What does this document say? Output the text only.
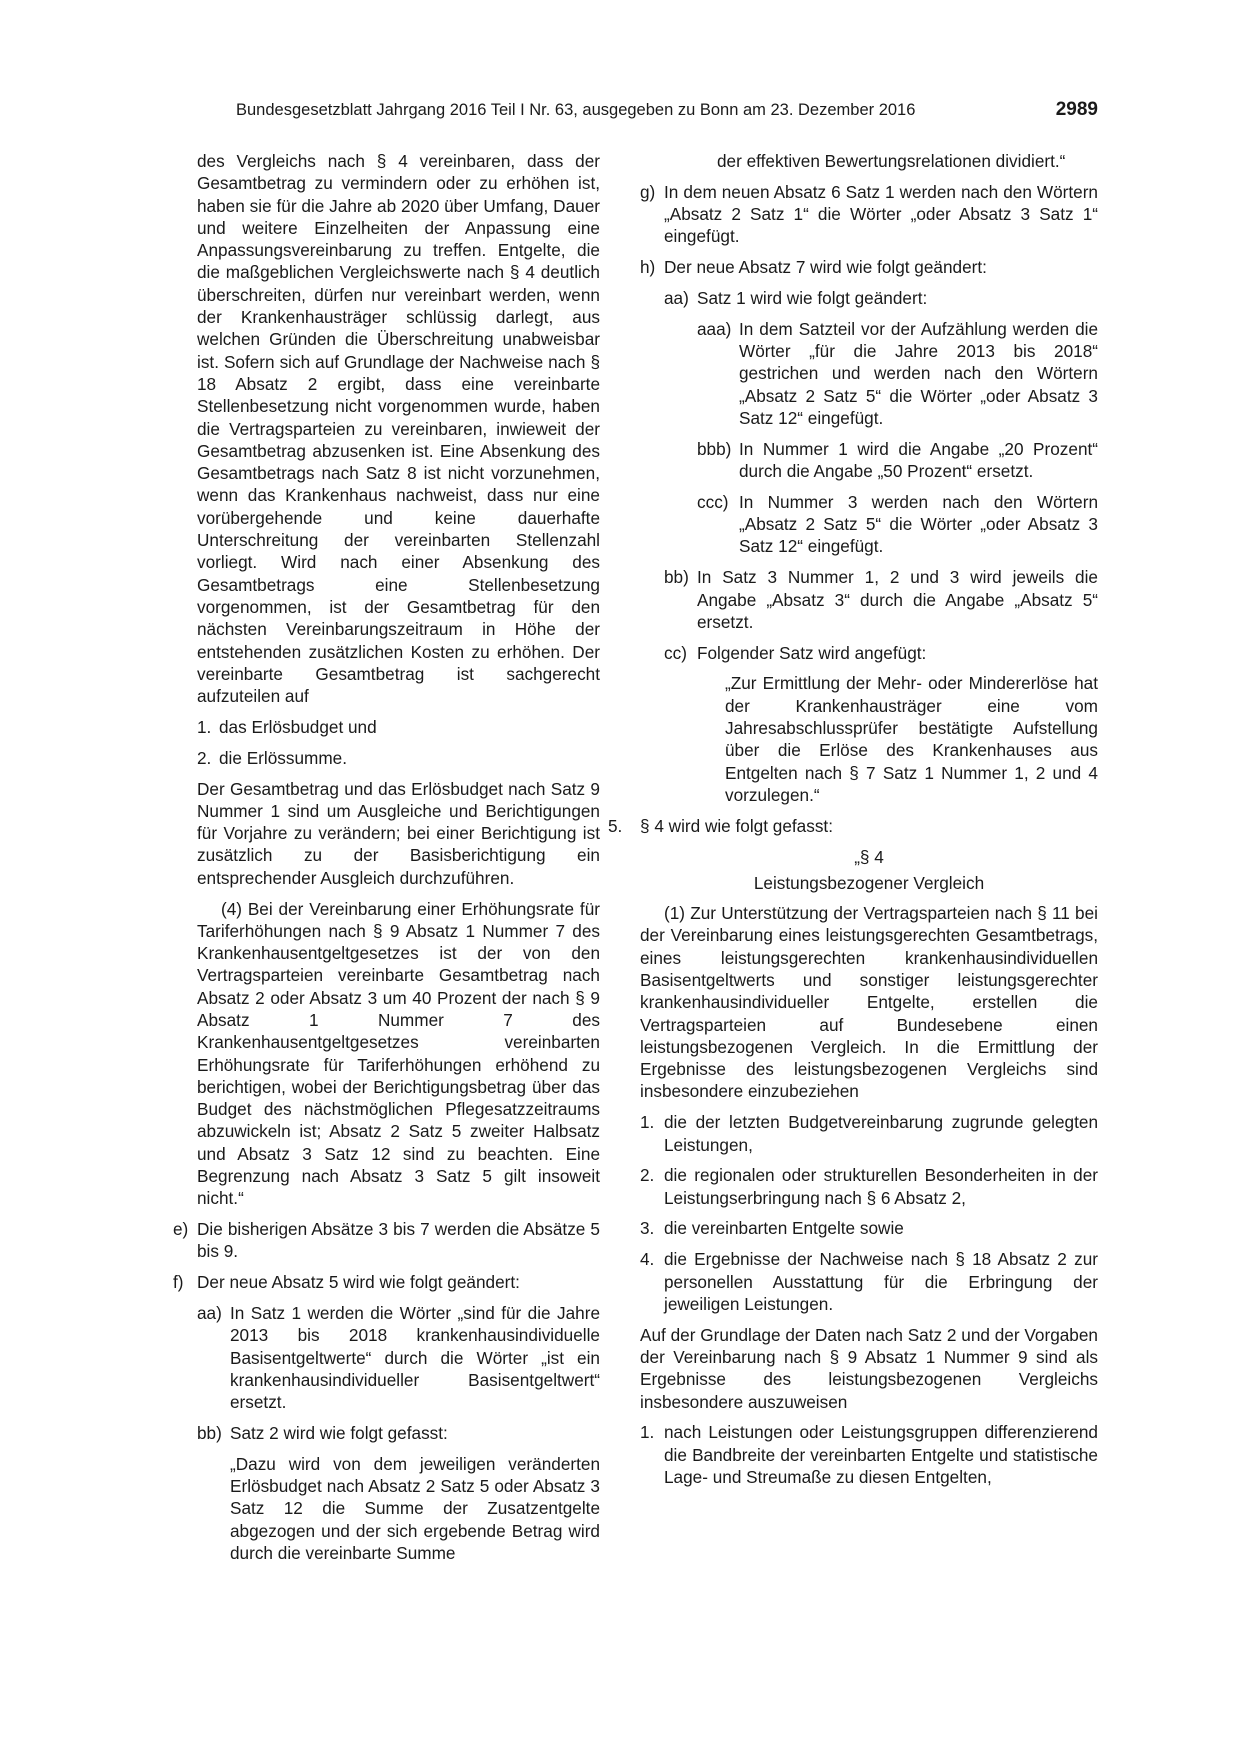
Bundesgesetzblatt Jahrgang 2016 Teil I Nr. 63, ausgegeben zu Bonn am 23. Dezember 2016	2989

des Vergleichs nach § 4 vereinbaren, dass der Gesamtbetrag zu vermindern oder zu erhöhen ist, haben sie für die Jahre ab 2020 über Umfang, Dauer und weitere Einzelheiten der Anpassung eine Anpassungsvereinbarung zu treffen. Entgelte, die die maßgeblichen Vergleichswerte nach § 4 deutlich überschreiten, dürfen nur vereinbart werden, wenn der Krankenhausträger schlüssig darlegt, aus welchen Gründen die Überschreitung unabweisbar ist. Sofern sich auf Grundlage der Nachweise nach § 18 Absatz 2 ergibt, dass eine vereinbarte Stellenbesetzung nicht vorgenommen wurde, haben die Vertragsparteien zu vereinbaren, inwieweit der Gesamtbetrag abzusenken ist. Eine Absenkung des Gesamtbetrags nach Satz 8 ist nicht vorzunehmen, wenn das Krankenhaus nachweist, dass nur eine vorübergehende und keine dauerhafte Unterschreitung der vereinbarten Stellenzahl vorliegt. Wird nach einer Absenkung des Gesamtbetrags eine Stellenbesetzung vorgenommen, ist der Gesamtbetrag für den nächsten Vereinbarungszeitraum in Höhe der entstehenden zusätzlichen Kosten zu erhöhen. Der vereinbarte Gesamtbetrag ist sachgerecht aufzuteilen auf

1. das Erlösbudget und
2. die Erlössumme.

Der Gesamtbetrag und das Erlösbudget nach Satz 9 Nummer 1 sind um Ausgleiche und Berichtigungen für Vorjahre zu verändern; bei einer Berichtigung ist zusätzlich zu der Basisberichtigung ein entsprechender Ausgleich durchzuführen.

(4) Bei der Vereinbarung einer Erhöhungsrate für Tariferhöhungen nach § 9 Absatz 1 Nummer 7 des Krankenhausentgeltgesetzes ist der von den Vertragsparteien vereinbarte Gesamtbetrag nach Absatz 2 oder Absatz 3 um 40 Prozent der nach § 9 Absatz 1 Nummer 7 des Krankenhausentgeltgesetzes vereinbarten Erhöhungsrate für Tariferhöhungen erhöhend zu berichtigen, wobei der Berichtigungsbetrag über das Budget des nächstmöglichen Pflegesatzzeitraums abzuwickeln ist; Absatz 2 Satz 5 zweiter Halbsatz und Absatz 3 Satz 12 sind zu beachten. Eine Begrenzung nach Absatz 3 Satz 5 gilt insoweit nicht.“

e) Die bisherigen Absätze 3 bis 7 werden die Absätze 5 bis 9.
f) Der neue Absatz 5 wird wie folgt geändert:
aa) In Satz 1 werden die Wörter „sind für die Jahre 2013 bis 2018 krankenhausindividuelle Basisentgeltwerte“ durch die Wörter „ist ein krankenhausindividueller Basisentgeltwert“ ersetzt.
bb) Satz 2 wird wie folgt gefasst:

„Dazu wird von dem jeweiligen veränderten Erlösbudget nach Absatz 2 Satz 5 oder Absatz 3 Satz 12 die Summe der Zusatzentgelte abgezogen und der sich ergebende Betrag wird durch die vereinbarte Summe

der effektiven Bewertungsrelationen dividiert.“

g) In dem neuen Absatz 6 Satz 1 werden nach den Wörtern „Absatz 2 Satz 1“ die Wörter „oder Absatz 3 Satz 1“ eingefügt.
h) Der neue Absatz 7 wird wie folgt geändert:
aa) Satz 1 wird wie folgt geändert:
aaa) In dem Satzteil vor der Aufzählung werden die Wörter „für die Jahre 2013 bis 2018“ gestrichen und werden nach den Wörtern „Absatz 2 Satz 5“ die Wörter „oder Absatz 3 Satz 12“ eingefügt.
bbb) In Nummer 1 wird die Angabe „20 Prozent“ durch die Angabe „50 Prozent“ ersetzt.
ccc) In Nummer 3 werden nach den Wörtern „Absatz 2 Satz 5“ die Wörter „oder Absatz 3 Satz 12“ eingefügt.
bb) In Satz 3 Nummer 1, 2 und 3 wird jeweils die Angabe „Absatz 3“ durch die Angabe „Absatz 5“ ersetzt.
cc) Folgender Satz wird angefügt:

„Zur Ermittlung der Mehr- oder Mindererlöse hat der Krankenhausträger eine vom Jahresabschlussprüfer bestätigte Aufstellung über die Erlöse des Krankenhauses aus Entgelten nach § 7 Satz 1 Nummer 1, 2 und 4 vorzulegen.“

5. § 4 wird wie folgt gefasst:
„§ 4
Leistungsbezogener Vergleich

(1) Zur Unterstützung der Vertragsparteien nach § 11 bei der Vereinbarung eines leistungsgerechten Gesamtbetrags, eines leistungsgerechten krankenhausindividuellen Basisentgeltwerts und sonstiger leistungsgerechter krankenhausindividueller Entgelte, erstellen die Vertragsparteien auf Bundesebene einen leistungsbezogenen Vergleich. In die Ermittlung der Ergebnisse des leistungsbezogenen Vergleichs sind insbesondere einzubeziehen

1. die der letzten Budgetvereinbarung zugrunde gelegten Leistungen,
2. die regionalen oder strukturellen Besonderheiten in der Leistungserbringung nach § 6 Absatz 2,
3. die vereinbarten Entgelte sowie
4. die Ergebnisse der Nachweise nach § 18 Absatz 2 zur personellen Ausstattung für die Erbringung der jeweiligen Leistungen.

Auf der Grundlage der Daten nach Satz 2 und der Vorgaben der Vereinbarung nach § 9 Absatz 1 Nummer 9 sind als Ergebnisse des leistungsbezogenen Vergleichs insbesondere auszuweisen

1. nach Leistungen oder Leistungsgruppen differenzierend die Bandbreite der vereinbarten Entgelte und statistische Lage- und Streumaße zu diesen Entgelten,
